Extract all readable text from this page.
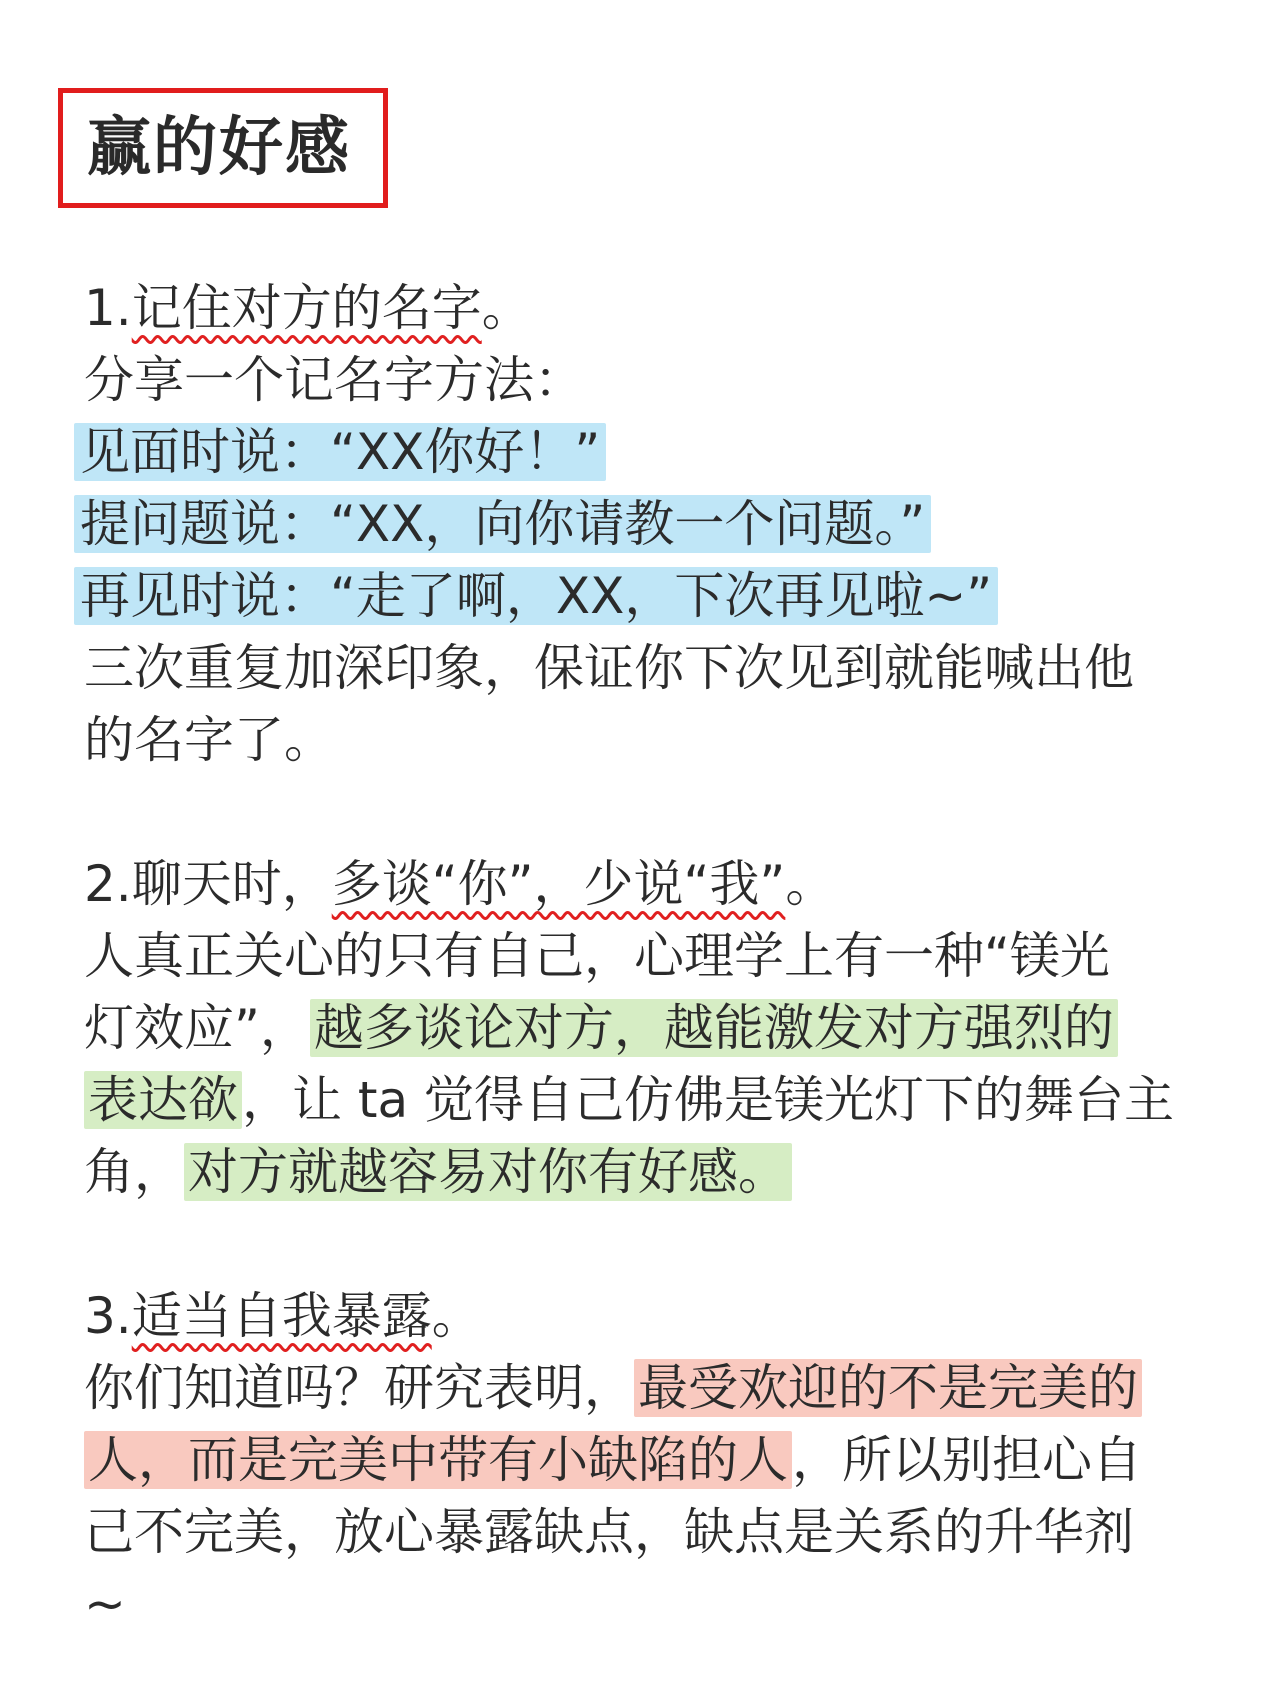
赢的好感
1.记住对方的名字。
分享一个记名字方法：
见面时说：“XX你好！”
提问题说：“XX，向你请教一个问题。”
再见时说：“走了啊，XX，下次再见啦~”
三次重复加深印象，保证你下次见到就能喊出他
的名字了。
2.聊天时，多谈“你”，少说“我”。
人真正关心的只有自己，心理学上有一种“镁光
灯效应”，越多谈论对方，越能激发对方强烈的
表达欲，让 ta 觉得自己仿佛是镁光灯下的舞台主
角，对方就越容易对你有好感。
3.适当自我暴露。
你们知道吗？研究表明，最受欢迎的不是完美的
人，而是完美中带有小缺陷的人，所以别担心自
己不完美，放心暴露缺点，缺点是关系的升华剂
~
